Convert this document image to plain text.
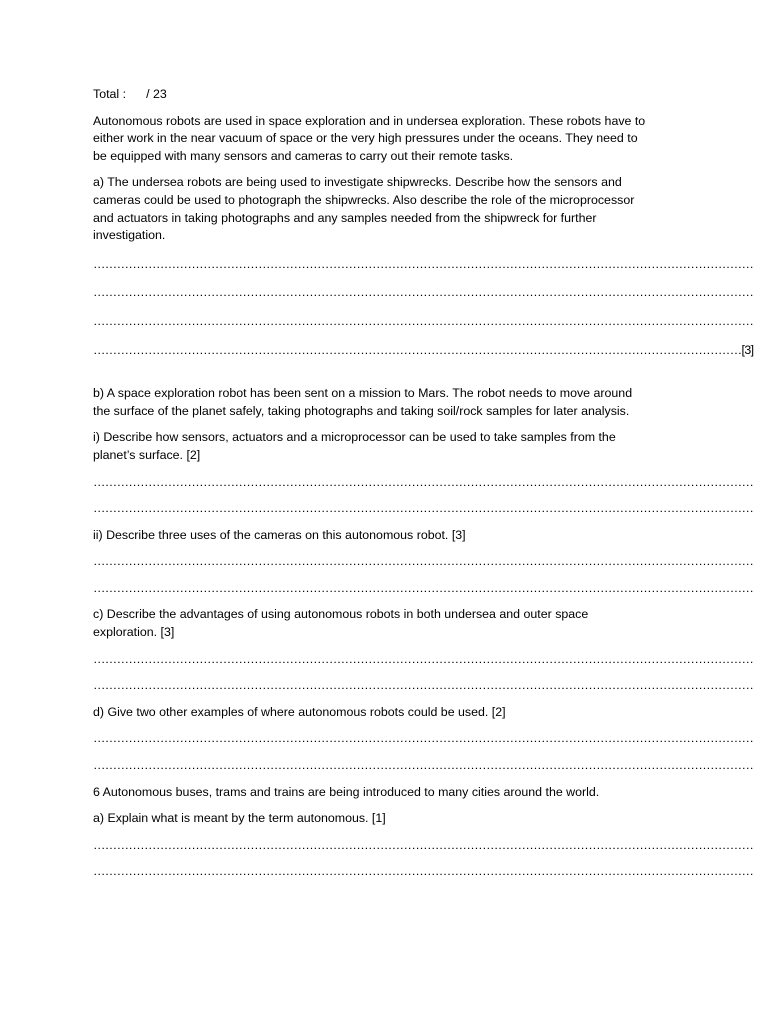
Total : / 23
Autonomous robots are used in space exploration and in undersea exploration. These robots have to
either work in the near vacuum of space or the very high pressures under the oceans. They need to
be equipped with many sensors and cameras to carry out their remote tasks.
a) The undersea robots are being used to investigate shipwrecks. Describe how the sensors and
cameras could be used to photograph the shipwrecks. Also describe the role of the microprocessor
and actuators in taking photographs and any samples needed from the shipwreck for further
investigation.
……………………………………………………………………………………………………………………………………………………
……………………………………………………………………………………………………………………………………………………
……………………………………………………………………………………………………………………………………………………
…………………………………………………………………………………………………………………………………………………[3]
b) A space exploration robot has been sent on a mission to Mars. The robot needs to move around
the surface of the planet safely, taking photographs and taking soil/rock samples for later analysis.
i) Describe how sensors, actuators and a microprocessor can be used to take samples from the
planet’s surface. [2]
……………………………………………………………………………………………………………………………………………………
……………………………………………………………………………………………………………………………………………………
ii) Describe three uses of the cameras on this autonomous robot. [3]
……………………………………………………………………………………………………………………………………………………
……………………………………………………………………………………………………………………………………………………
c) Describe the advantages of using autonomous robots in both undersea and outer space
exploration. [3]
……………………………………………………………………………………………………………………………………………………
……………………………………………………………………………………………………………………………………………………
d) Give two other examples of where autonomous robots could be used. [2]
……………………………………………………………………………………………………………………………………………………
……………………………………………………………………………………………………………………………………………………
6 Autonomous buses, trams and trains are being introduced to many cities around the world.
a) Explain what is meant by the term autonomous. [1]
……………………………………………………………………………………………………………………………………………………
……………………………………………………………………………………………………………………………………………………
